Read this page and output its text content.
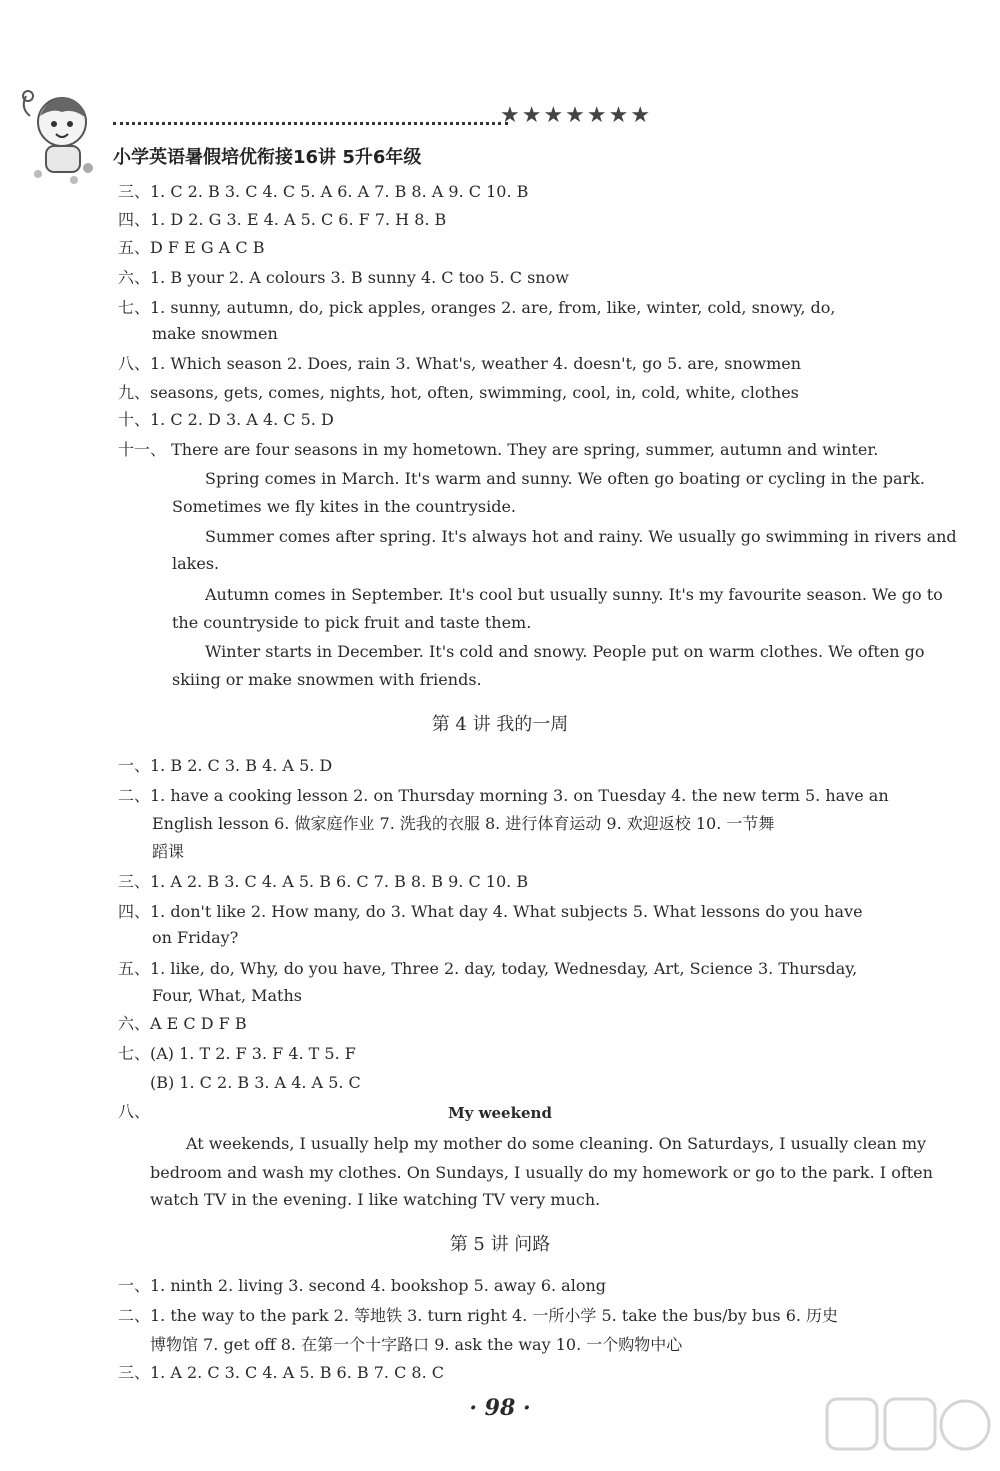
★★★★★★★
小学英语暑假培优衔接16讲 5升6年级
三、1. C 2. B 3. C 4. C 5. A 6. A 7. B 8. A 9. C 10. B
四、1. D 2. G 3. E 4. A 5. C 6. F 7. H 8. B
五、D F E G A C B
六、1. B your 2. A colours 3. B sunny 4. C too 5. C snow
七、1. sunny, autumn, do, pick apples, oranges 2. are, from, like, winter, cold, snowy, do,
make snowmen
八、1. Which season 2. Does, rain 3. What's, weather 4. doesn't, go 5. are, snowmen
九、seasons, gets, comes, nights, hot, often, swimming, cool, in, cold, white, clothes
十、1. C 2. D 3. A 4. C 5. D
十一、 There are four seasons in my hometown. They are spring, summer, autumn and winter.
Spring comes in March. It's warm and sunny. We often go boating or cycling in the park.
Sometimes we fly kites in the countryside.
Summer comes after spring. It's always hot and rainy. We usually go swimming in rivers and
lakes.
Autumn comes in September. It's cool but usually sunny. It's my favourite season. We go to
the countryside to pick fruit and taste them.
Winter starts in December. It's cold and snowy. People put on warm clothes. We often go
skiing or make snowmen with friends.
第 4 讲 我的一周
一、1. B 2. C 3. B 4. A 5. D
二、1. have a cooking lesson 2. on Thursday morning 3. on Tuesday 4. the new term 5. have an
English lesson 6. 做家庭作业 7. 洗我的衣服 8. 进行体育运动 9. 欢迎返校 10. 一节舞
蹈课
三、1. A 2. B 3. C 4. A 5. B 6. C 7. B 8. B 9. C 10. B
四、1. don't like 2. How many, do 3. What day 4. What subjects 5. What lessons do you have
on Friday?
五、1. like, do, Why, do you have, Three 2. day, today, Wednesday, Art, Science 3. Thursday,
Four, What, Maths
六、A E C D F B
七、(A) 1. T 2. F 3. F 4. T 5. F
(B) 1. C 2. B 3. A 4. A 5. C
八、	My weekend
At weekends, I usually help my mother do some cleaning. On Saturdays, I usually clean my
bedroom and wash my clothes. On Sundays, I usually do my homework or go to the park. I often
watch TV in the evening. I like watching TV very much.
第 5 讲 问路
一、1. ninth 2. living 3. second 4. bookshop 5. away 6. along
二、1. the way to the park 2. 等地铁 3. turn right 4. 一所小学 5. take the bus/by bus 6. 历史
博物馆 7. get off 8. 在第一个十字路口 9. ask the way 10. 一个购物中心
三、1. A 2. C 3. C 4. A 5. B 6. B 7. C 8. C
· 98 ·
